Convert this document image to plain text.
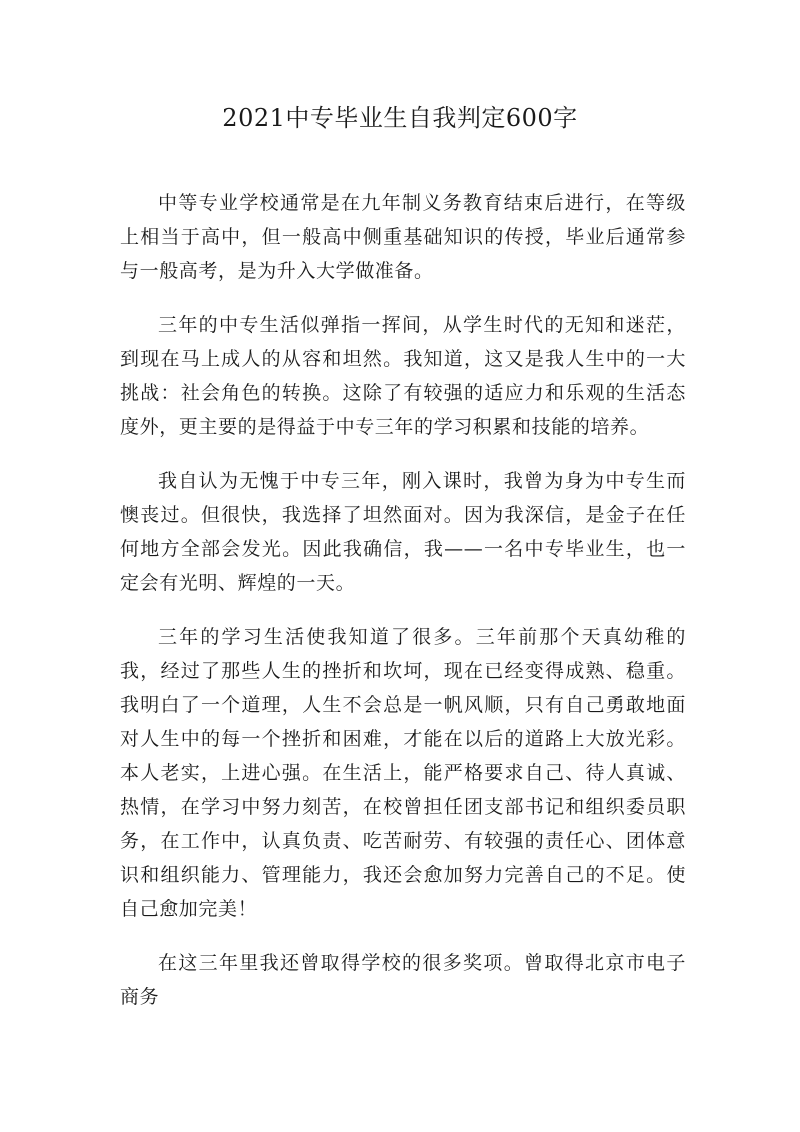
2021中专毕业生自我判定600字

中等专业学校通常是在九年制义务教育结束后进行，在等级上相当于高中，但一般高中侧重基础知识的传授，毕业后通常参与一般高考，是为升入大学做准备。

三年的中专生活似弹指一挥间，从学生时代的无知和迷茫，到现在马上成人的从容和坦然。我知道，这又是我人生中的一大挑战：社会角色的转换。这除了有较强的适应力和乐观的生活态度外，更主要的是得益于中专三年的学习积累和技能的培养。

我自认为无愧于中专三年，刚入课时，我曾为身为中专生而懊丧过。但很快，我选择了坦然面对。因为我深信，是金子在任何地方全部会发光。因此我确信，我——一名中专毕业生，也一定会有光明、辉煌的一天。

三年的学习生活使我知道了很多。三年前那个天真幼稚的我，经过了那些人生的挫折和坎坷，现在已经变得成熟、稳重。我明白了一个道理，人生不会总是一帆风顺，只有自己勇敢地面对人生中的每一个挫折和困难，才能在以后的道路上大放光彩。本人老实，上进心强。在生活上，能严格要求自己、待人真诚、热情，在学习中努力刻苦，在校曾担任团支部书记和组织委员职务，在工作中，认真负责、吃苦耐劳、有较强的责任心、团体意识和组织能力、管理能力，我还会愈加努力完善自己的不足。使自己愈加完美！

在这三年里我还曾取得学校的很多奖项。曾取得北京市电子商务
